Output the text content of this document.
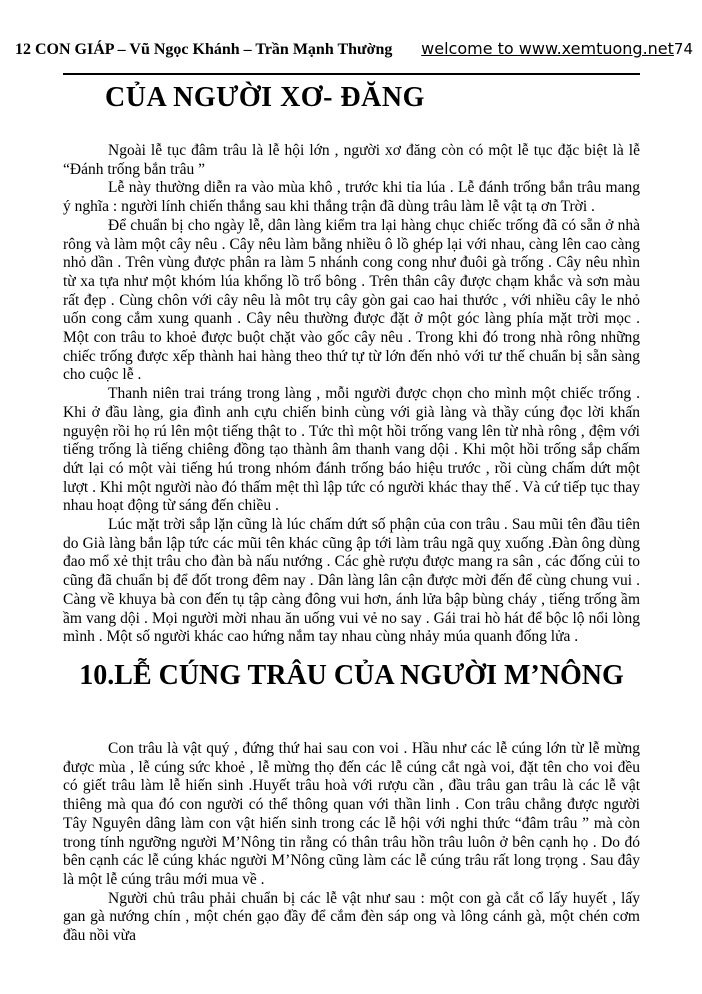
12 CON GIÁP – Vũ Ngọc Khánh – Trần Mạnh Thường welcome to www.xemtuong.net 74
CỦA NGƯỜI XƠ- ĐĂNG

Ngoài lễ tục đâm trâu là lễ hội lớn , người xơ đăng còn có một lễ tục đặc biệt là lễ “Đánh trống bắn trâu ”

Lễ này thường diễn ra vào mùa khô , trước khi tỉa lúa . Lễ đánh trống bắn trâu mang ý nghĩa : người lính chiến thắng sau khi thắng trận đã dùng trâu làm lễ vật tạ ơn Trời .

Để chuẩn bị cho ngày lễ, dân làng kiểm tra lại hàng chục chiếc trống đã có sẵn ở nhà rông và làm một cây nêu . Cây nêu làm bằng nhiều ô lồ ghép lại với nhau, càng lên cao càng nhỏ dần . Trên vùng được phân ra làm 5 nhánh cong cong như đuôi gà trống . Cây nêu nhìn từ xa tựa như một khóm lúa khổng lồ trổ bông . Trên thân cây được chạm khắc và sơn màu rất đẹp . Cùng chôn với cây nêu là môt trụ cây gòn gai cao hai thước , với nhiều cây le nhỏ uốn cong cắm xung quanh . Cây nêu thường được đặt ở một góc làng phía mặt trời mọc . Một con trâu to khoẻ được buột chặt vào gốc cây nêu . Trong khi đó trong nhà rông những chiếc trống được xếp thành hai hàng theo thứ tự từ lớn đến nhỏ với tư thế chuẩn bị sẵn sàng cho cuộc lễ .

Thanh niên trai tráng trong làng , mỗi người được chọn cho mình một chiếc trống . Khi ở đầu làng, gia đình anh cựu chiến binh cùng với già làng và thầy cúng đọc lời khấn nguyện rồi họ rú lên một tiếng thật to . Tức thì một hồi trống vang lên từ nhà rông , đệm với tiếng trống là tiếng chiêng đồng tạo thành âm thanh vang dội . Khi một hồi trống sắp chấm dứt lại có một vài tiếng hú trong nhóm đánh trống báo hiệu trước , rồi cùng chấm dứt một lượt . Khi một người nào đó thấm mệt thì lập tức có người khác thay thế . Và cứ tiếp tục thay nhau hoạt động từ sáng đến chiều .

Lúc mặt trời sắp lặn cũng là lúc chấm dứt số phận của con trâu . Sau mũi tên đầu tiên do Già làng bắn lập tức các mũi tên khác cũng ập tới làm trâu ngã quỵ xuống .Đàn ông dùng đao mổ xẻ thịt trâu cho đàn bà nấu nướng . Các ghè rượu được mang ra sân , các đống củi to cũng đã chuẩn bị để đốt trong đêm nay . Dân làng lân cận được mời đến để cùng chung vui . Càng về khuya bà con đến tụ tập càng đông vui hơn, ánh lửa bập bùng cháy , tiếng trống ầm ầm vang dội . Mọi người mời nhau ăn uống vui vẻ no say . Gái trai hò hát để bộc lộ nổi lòng mình . Một số người khác cao hứng nắm tay nhau cùng nhảy múa quanh đống lửa .

10.LỄ CÚNG TRÂU CỦA NGƯỜI M’NÔNG

Con trâu là vật quý , đứng thứ hai sau con voi . Hầu như các lễ cúng lớn từ lễ mừng được mùa , lễ cúng sức khoẻ , lễ mừng thọ đến các lễ cúng cắt ngà voi, đặt tên cho voi đều có giết trâu làm lễ hiến sinh .Huyết trâu hoà với rượu cần , đầu trâu gan trâu là các lễ vật thiêng mà qua đó con người có thể thông quan với thần linh . Con trâu chẳng được người Tây Nguyên dâng làm con vật hiến sinh trong các lễ hội với nghi thức “đâm trâu ” mà còn trong tính ngưỡng người M’Nông tin rằng có thân trâu hồn trâu luôn ở bên cạnh họ . Do đó bên cạnh các lễ cúng khác người M’Nông cũng làm các lễ cúng trâu rất long trọng . Sau đây là một lễ cúng trâu mới mua về .

Người chủ trâu phải chuẩn bị các lễ vật như sau : một con gà cắt cổ lấy huyết , lấy gan gà nướng chín , một chén gạo đầy để cắm đèn sáp ong và lông cánh gà, một chén cơm đầu nồi vừa
